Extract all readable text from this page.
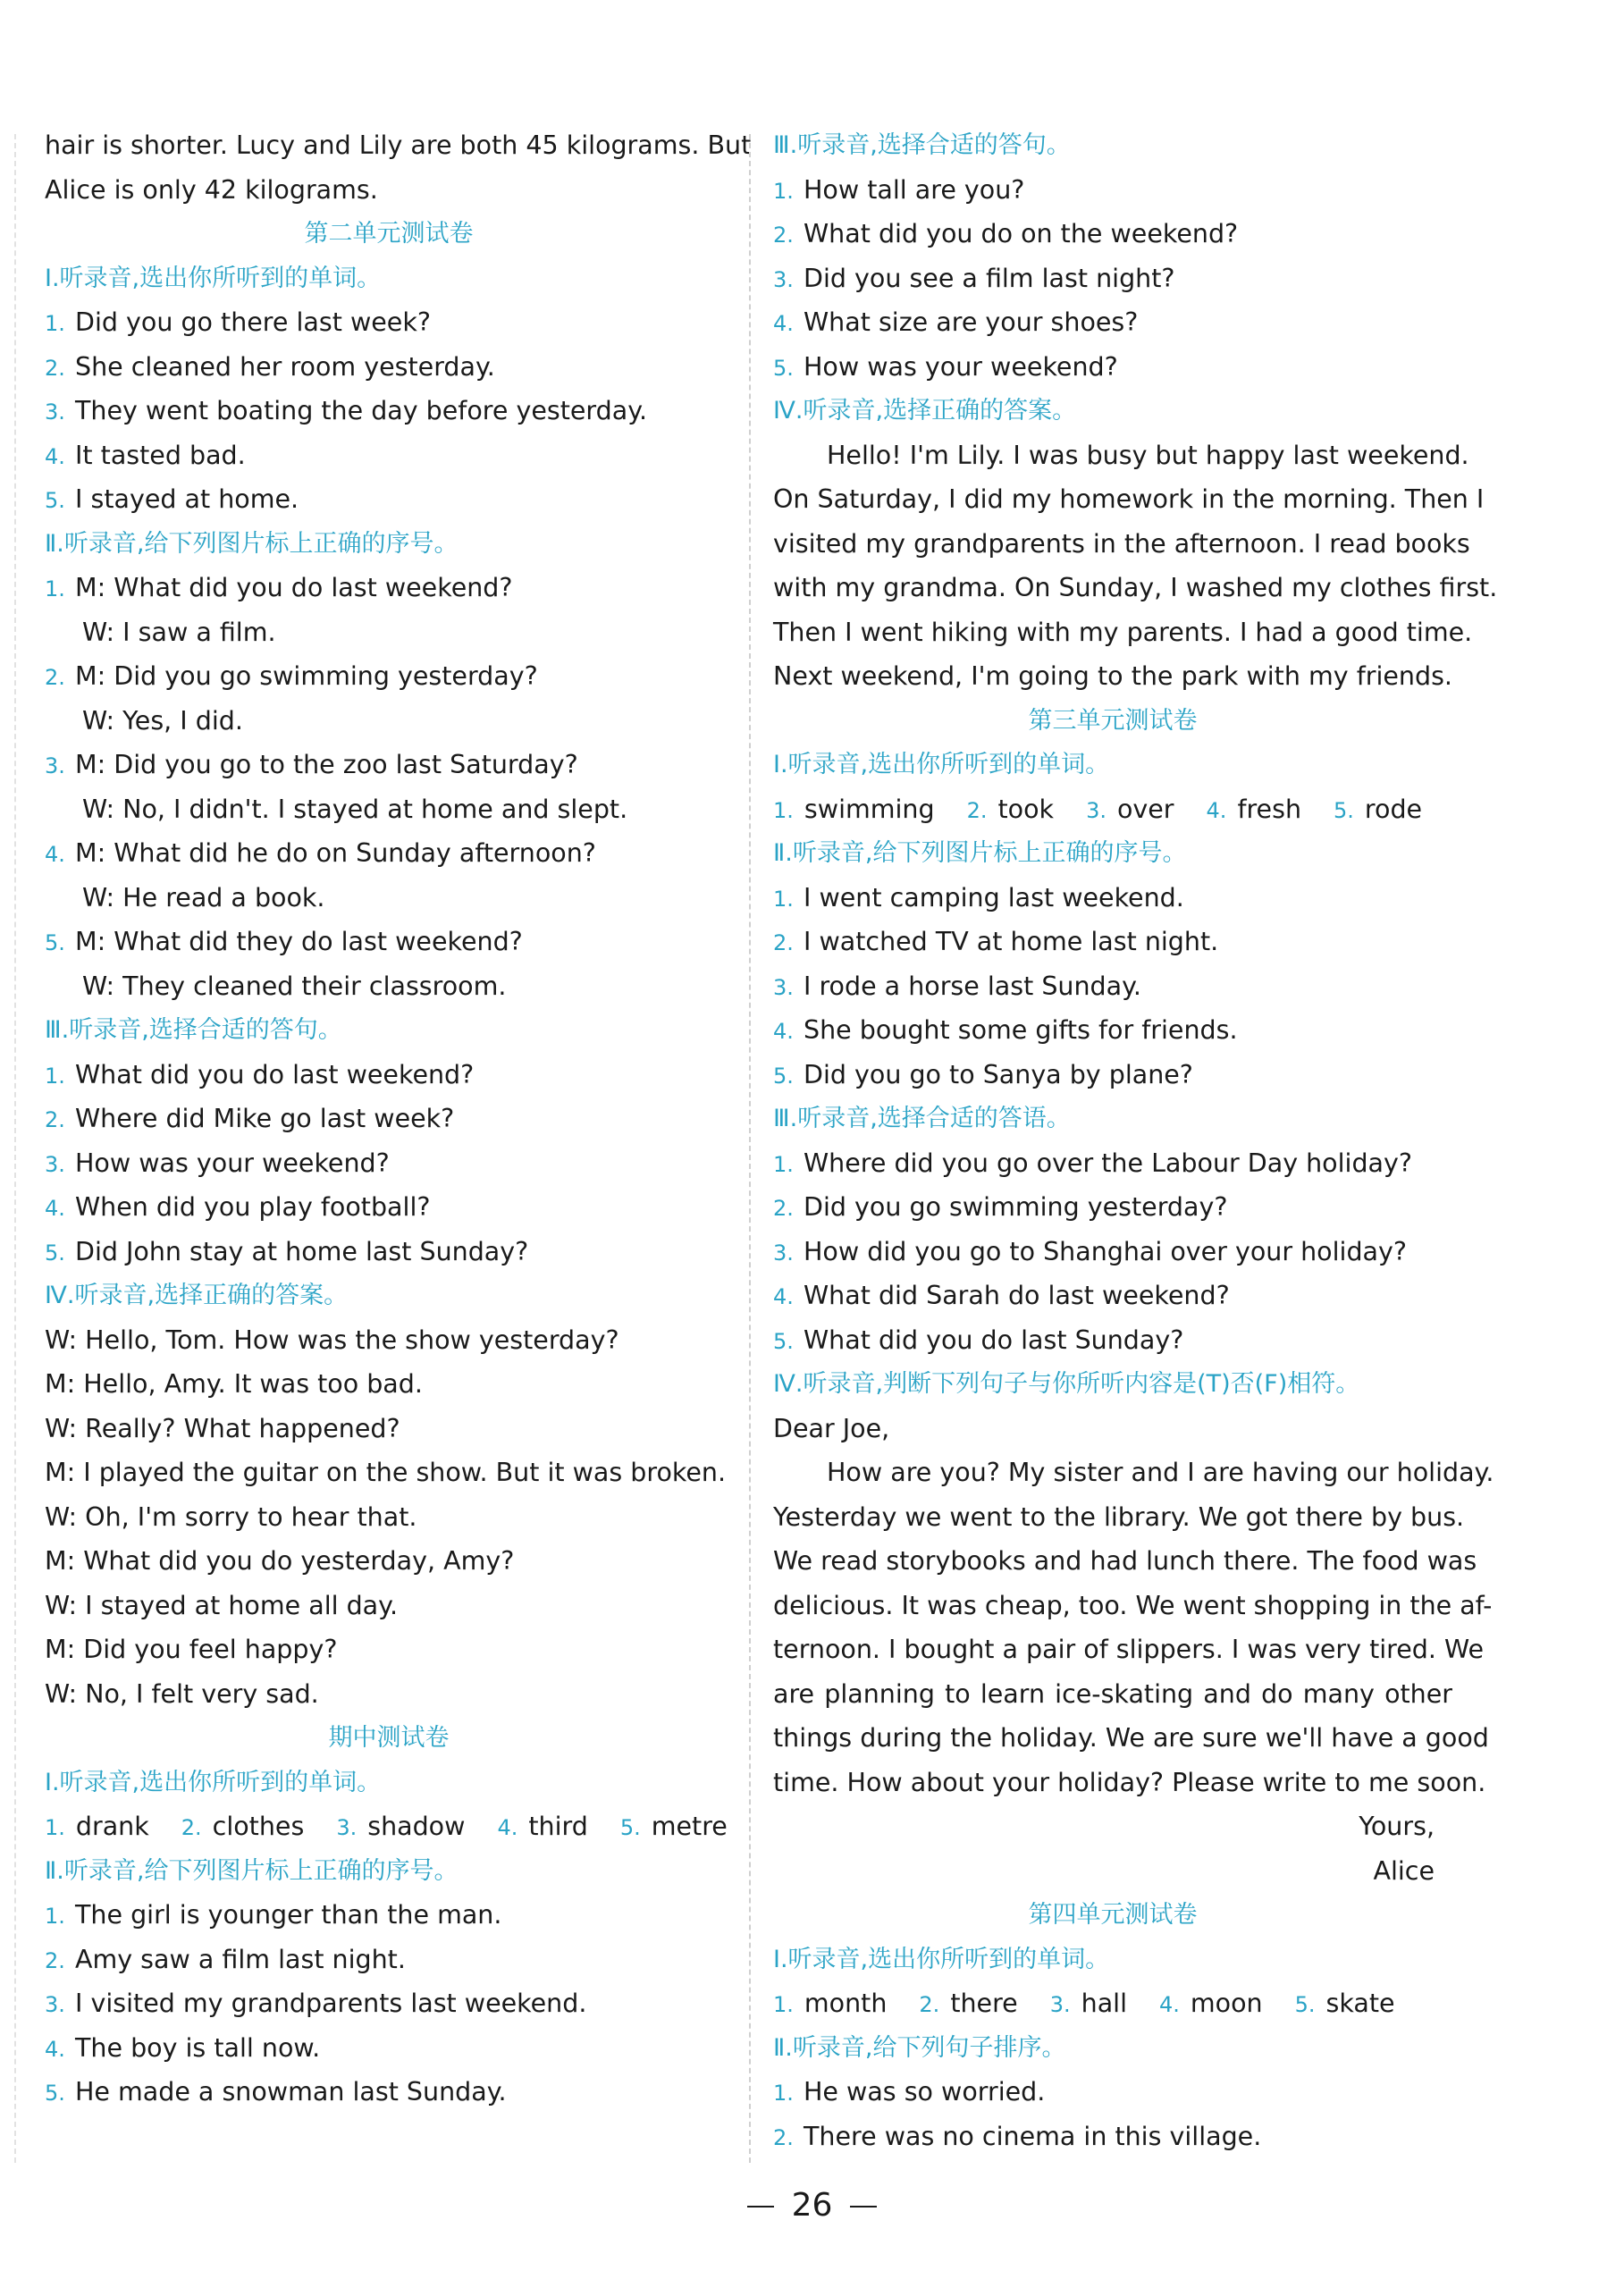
hair is shorter. Lucy and Lily are both 45 kilograms. But
Alice is only 42 kilograms.
第二单元测试卷
Ⅰ.听录音,选出你所听到的单词。
1. Did you go there last week?
2. She cleaned her room yesterday.
3. They went boating the day before yesterday.
4. It tasted bad.
5. I stayed at home.
Ⅱ.听录音,给下列图片标上正确的序号。
1. M: What did you do last weekend?
W: I saw a film.
2. M: Did you go swimming yesterday?
W: Yes, I did.
3. M: Did you go to the zoo last Saturday?
W: No, I didn't. I stayed at home and slept.
4. M: What did he do on Sunday afternoon?
W: He read a book.
5. M: What did they do last weekend?
W: They cleaned their classroom.
Ⅲ.听录音,选择合适的答句。
1. What did you do last weekend?
2. Where did Mike go last week?
3. How was your weekend?
4. When did you play football?
5. Did John stay at home last Sunday?
Ⅳ.听录音,选择正确的答案。
W: Hello, Tom. How was the show yesterday?
M: Hello, Amy. It was too bad.
W: Really? What happened?
M: I played the guitar on the show. But it was broken.
W: Oh, I'm sorry to hear that.
M: What did you do yesterday, Amy?
W: I stayed at home all day.
M: Did you feel happy?
W: No, I felt very sad.
期中测试卷
Ⅰ.听录音,选出你所听到的单词。
1. drank 2. clothes 3. shadow 4. third 5. metre
Ⅱ.听录音,给下列图片标上正确的序号。
1. The girl is younger than the man.
2. Amy saw a film last night.
3. I visited my grandparents last weekend.
4. The boy is tall now.
5. He made a snowman last Sunday.
Ⅲ.听录音,选择合适的答句。
1. How tall are you?
2. What did you do on the weekend?
3. Did you see a film last night?
4. What size are your shoes?
5. How was your weekend?
Ⅳ.听录音,选择正确的答案。
Hello! I'm Lily. I was busy but happy last weekend.
On Saturday, I did my homework in the morning. Then I
visited my grandparents in the afternoon. I read books
with my grandma. On Sunday, I washed my clothes first.
Then I went hiking with my parents. I had a good time.
Next weekend, I'm going to the park with my friends.
第三单元测试卷
Ⅰ.听录音,选出你所听到的单词。
1. swimming 2. took 3. over 4. fresh 5. rode
Ⅱ.听录音,给下列图片标上正确的序号。
1. I went camping last weekend.
2. I watched TV at home last night.
3. I rode a horse last Sunday.
4. She bought some gifts for friends.
5. Did you go to Sanya by plane?
Ⅲ.听录音,选择合适的答语。
1. Where did you go over the Labour Day holiday?
2. Did you go swimming yesterday?
3. How did you go to Shanghai over your holiday?
4. What did Sarah do last weekend?
5. What did you do last Sunday?
Ⅳ.听录音,判断下列句子与你所听内容是(T)否(F)相符。
Dear Joe,
How are you? My sister and I are having our holiday.
Yesterday we went to the library. We got there by bus.
We read storybooks and had lunch there. The food was
delicious. It was cheap, too. We went shopping in the af-
ternoon. I bought a pair of slippers. I was very tired. We
are planning to learn ice-skating and do many other
things during the holiday. We are sure we'll have a good
time. How about your holiday? Please write to me soon.
Yours,
Alice
第四单元测试卷
Ⅰ.听录音,选出你所听到的单词。
1. month 2. there 3. hall 4. moon 5. skate
Ⅱ.听录音,给下列句子排序。
1. He was so worried.
2. There was no cinema in this village.
26
